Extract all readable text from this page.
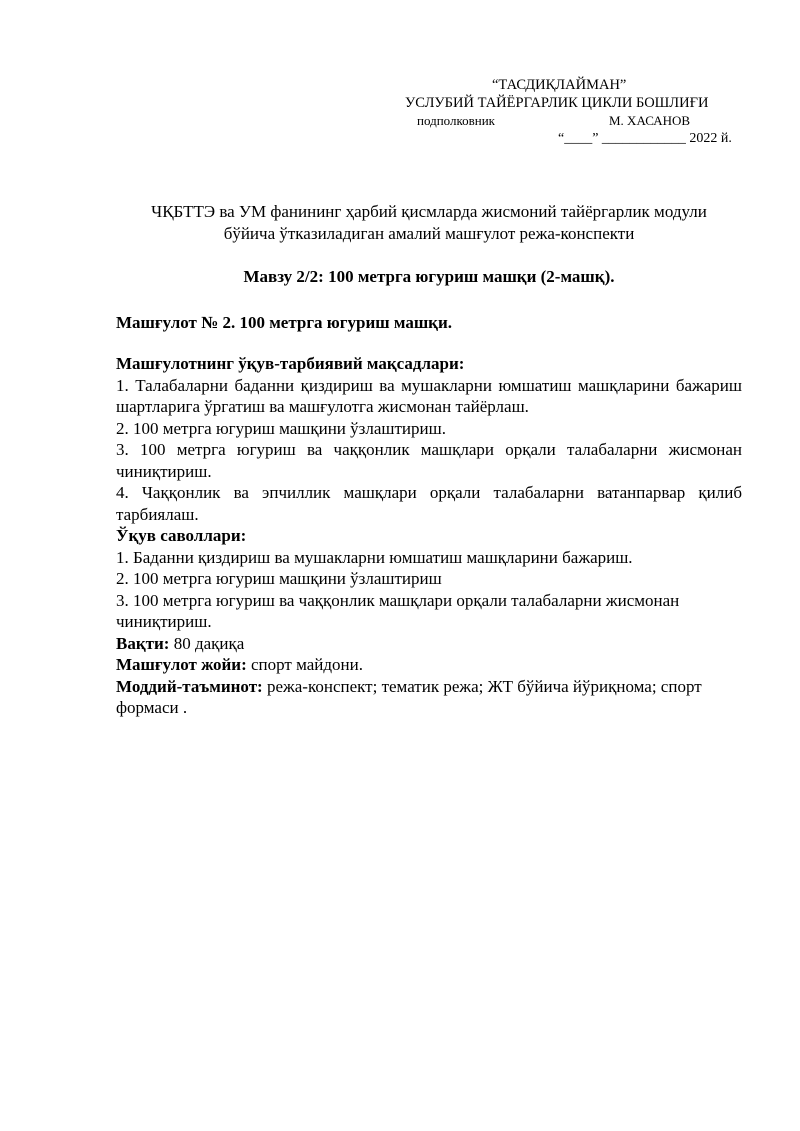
“ТАСДИҚЛАЙМАН”
УСЛУБИЙ ТАЙЁРГАРЛИК ЦИКЛИ БОШЛИҒИ
подполковник	М. ХАСАНОВ
“____” ____________ 2022 й.
ЧҚБТТЭ ва УМ фанининг ҳарбий қисмларда жисмоний тайёргарлик модули
бўйича ўтказиладиган амалий машғулот режа-конспекти
Мавзу 2/2: 100 метрга югуриш машқи (2-машқ).
Машғулот № 2. 100 метрга югуриш машқи.

Машғулотнинг ўқув-тарбиявий мақсадлари:

1. Талабаларни баданни қиздириш ва мушакларни юмшатиш машқларини бажариш шартларига ўргатиш ва машғулотга жисмонан тайёрлаш.

2. 100 метрга югуриш машқини ўзлаштириш.

3. 100 метрга югуриш ва чаққонлик машқлари орқали талабаларни жисмонан чиниқтириш.

4. Чаққонлик ва эпчиллик машқлари орқали талабаларни ватанпарвар қилиб тарбиялаш.

Ўқув саволлари:

1. Баданни қиздириш ва мушакларни юмшатиш машқларини бажариш.

2. 100 метрга югуриш машқини ўзлаштириш

3. 100 метрга югуриш ва чаққонлик машқлари орқали талабаларни жисмонан чиниқтириш.

Вақти: 80 дақиқа

Машғулот жойи: спорт майдони.

Моддий-таъминот: режа-конспект; тематик режа; ЖТ бўйича йўриқнома; спорт формаси .
